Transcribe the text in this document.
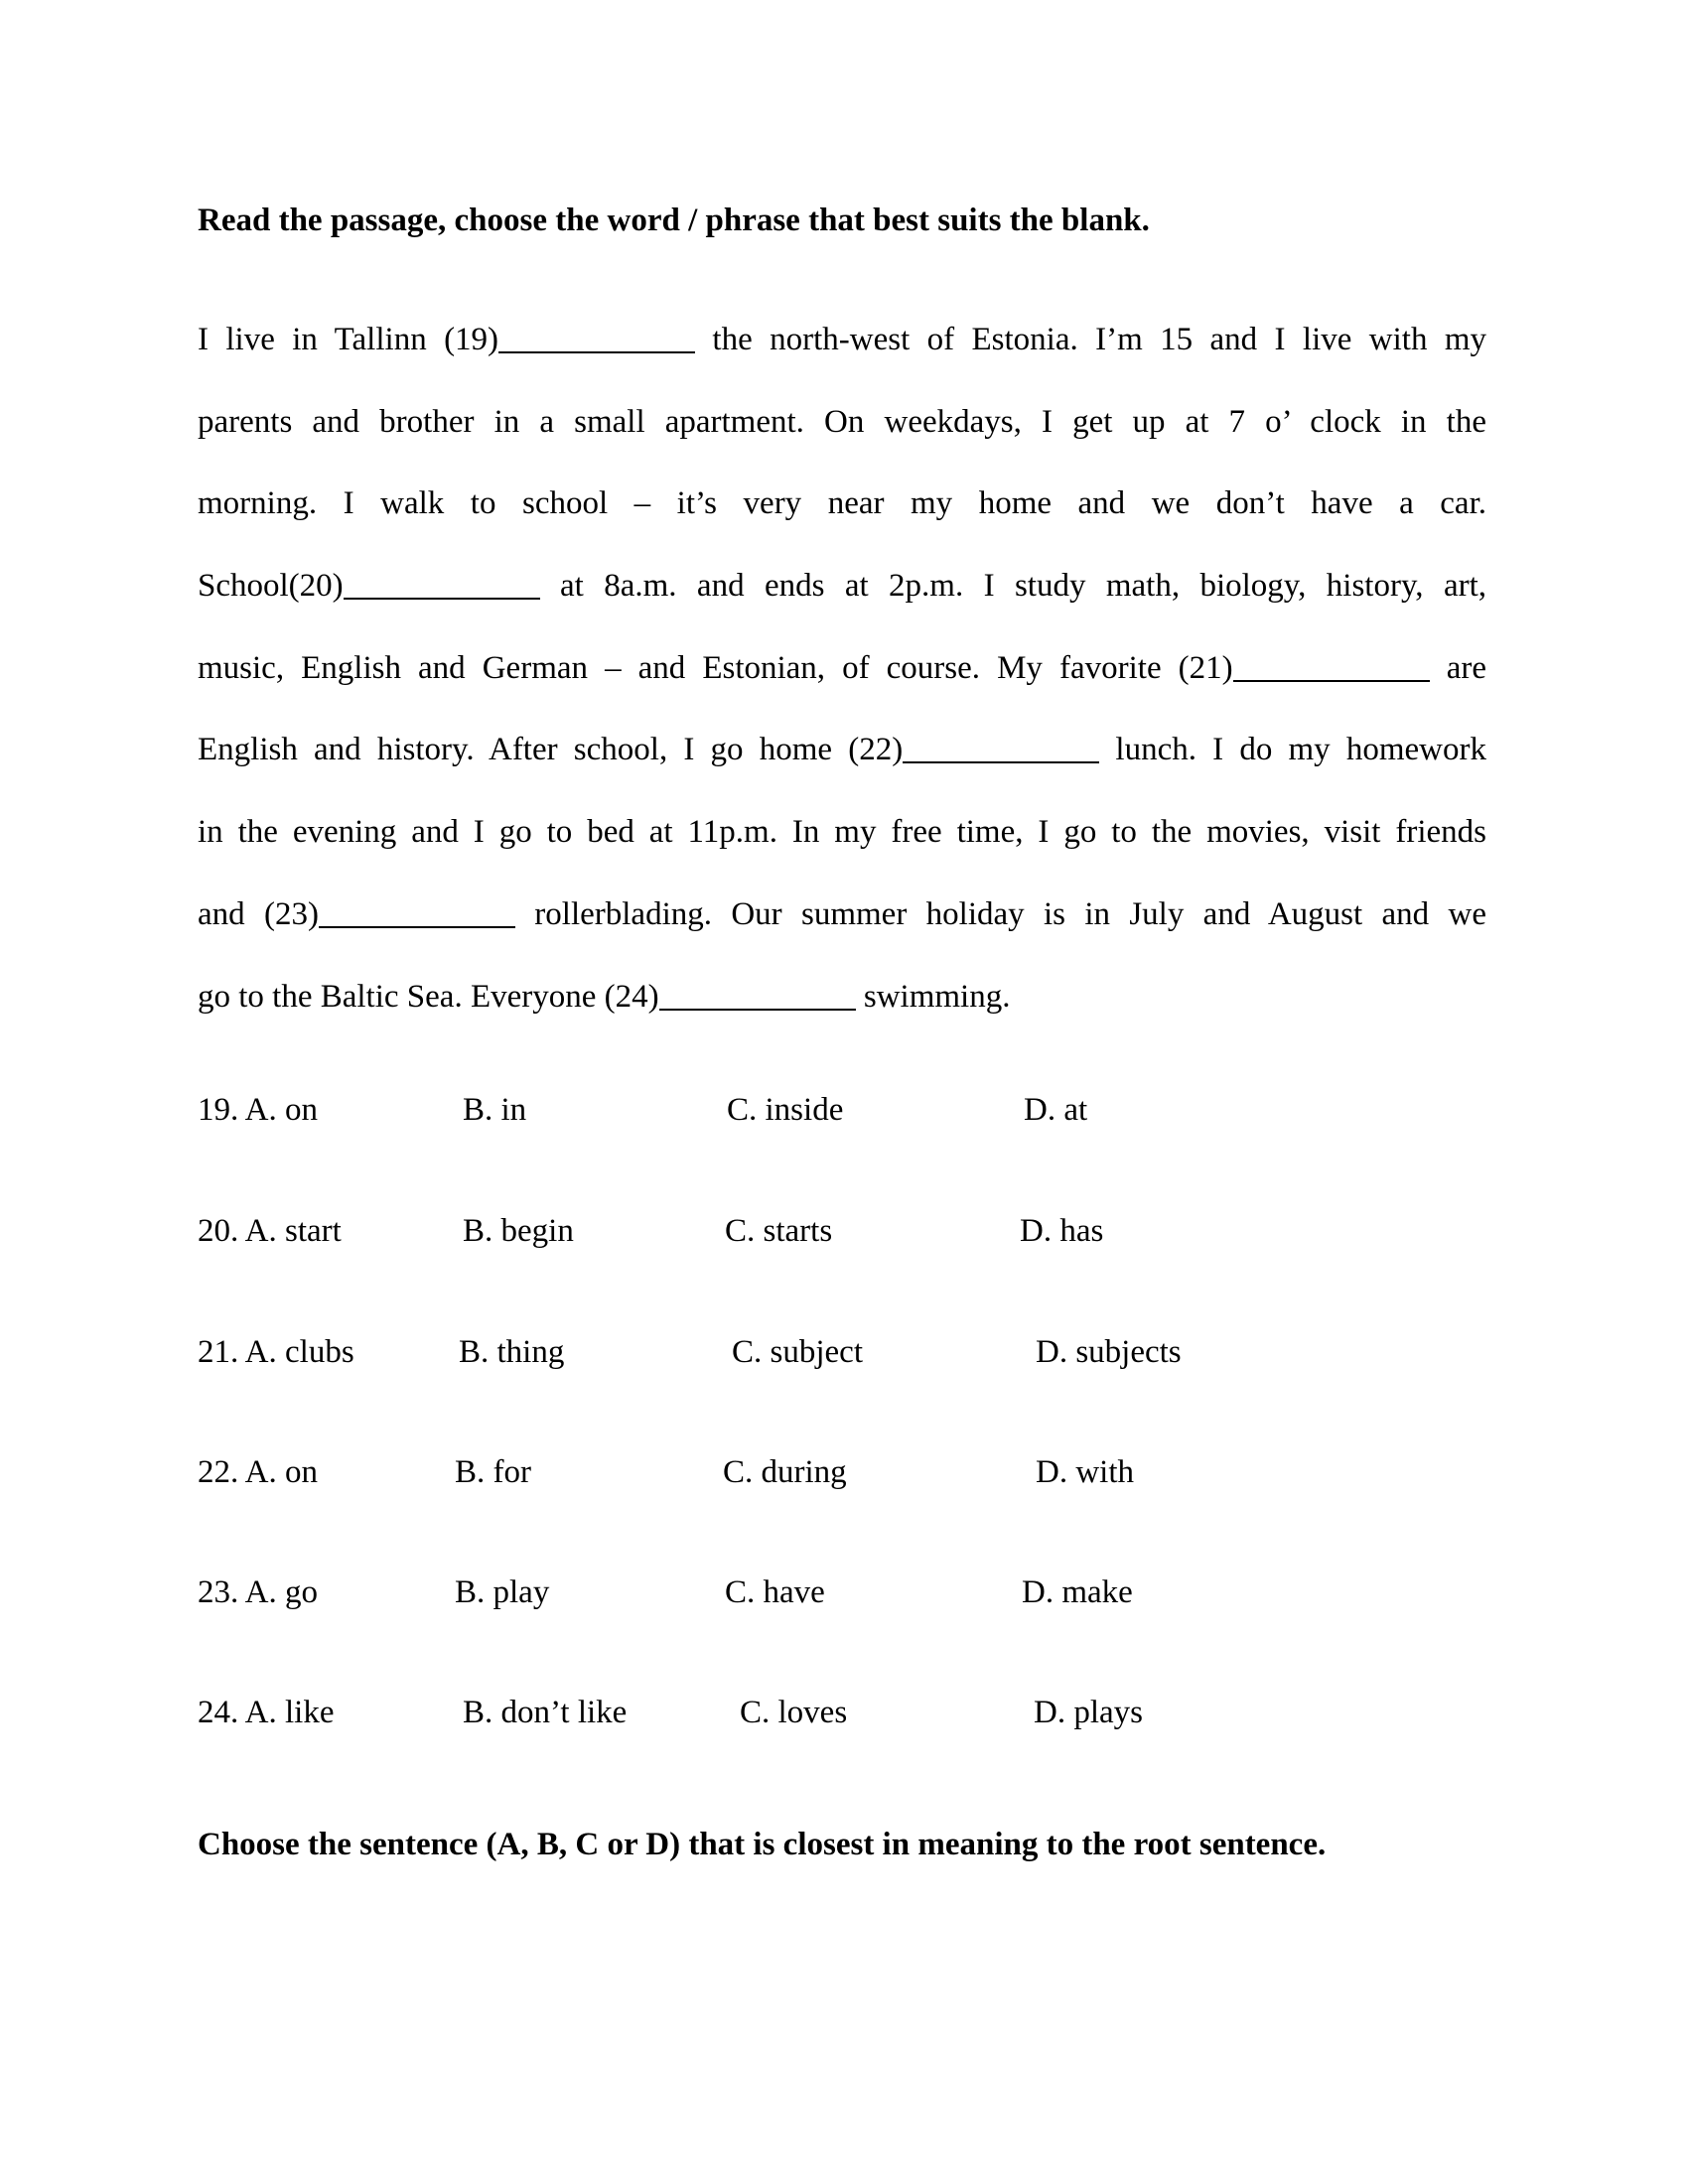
Read the passage, choose the word / phrase that best suits the blank.
I live in Tallinn (19)	the north-west of Estonia. I’m 15 and I live with my
parents and brother in a small apartment. On weekdays, I get up at 7 o’ clock in the
morning. I walk to school – it’s very near my home and we don’t have a car.
School(20)	at 8a.m. and ends at 2p.m. I study math, biology, history, art,
music, English and German – and Estonian, of course. My favorite (21)	are
English and history. After school, I go home (22)	lunch. I do my homework
in the evening and I go to bed at 11p.m. In my free time, I go to the movies, visit friends
and (23)	rollerblading. Our summer holiday is in July and August and we
go to the Baltic Sea. Everyone (24)	swimming.
19. A. on	B. in	C. inside	D. at
20. A. start	B. begin	C. starts	D. has
21. A. clubs	B. thing	C. subject	D. subjects
22. A. on	B. for	C. during	D. with
23. A. go	B. play	C. have	D. make
24. A. like	B. don’t like	C. loves	D. plays
Choose the sentence (A, B, C or D) that is closest in meaning to the root sentence.
